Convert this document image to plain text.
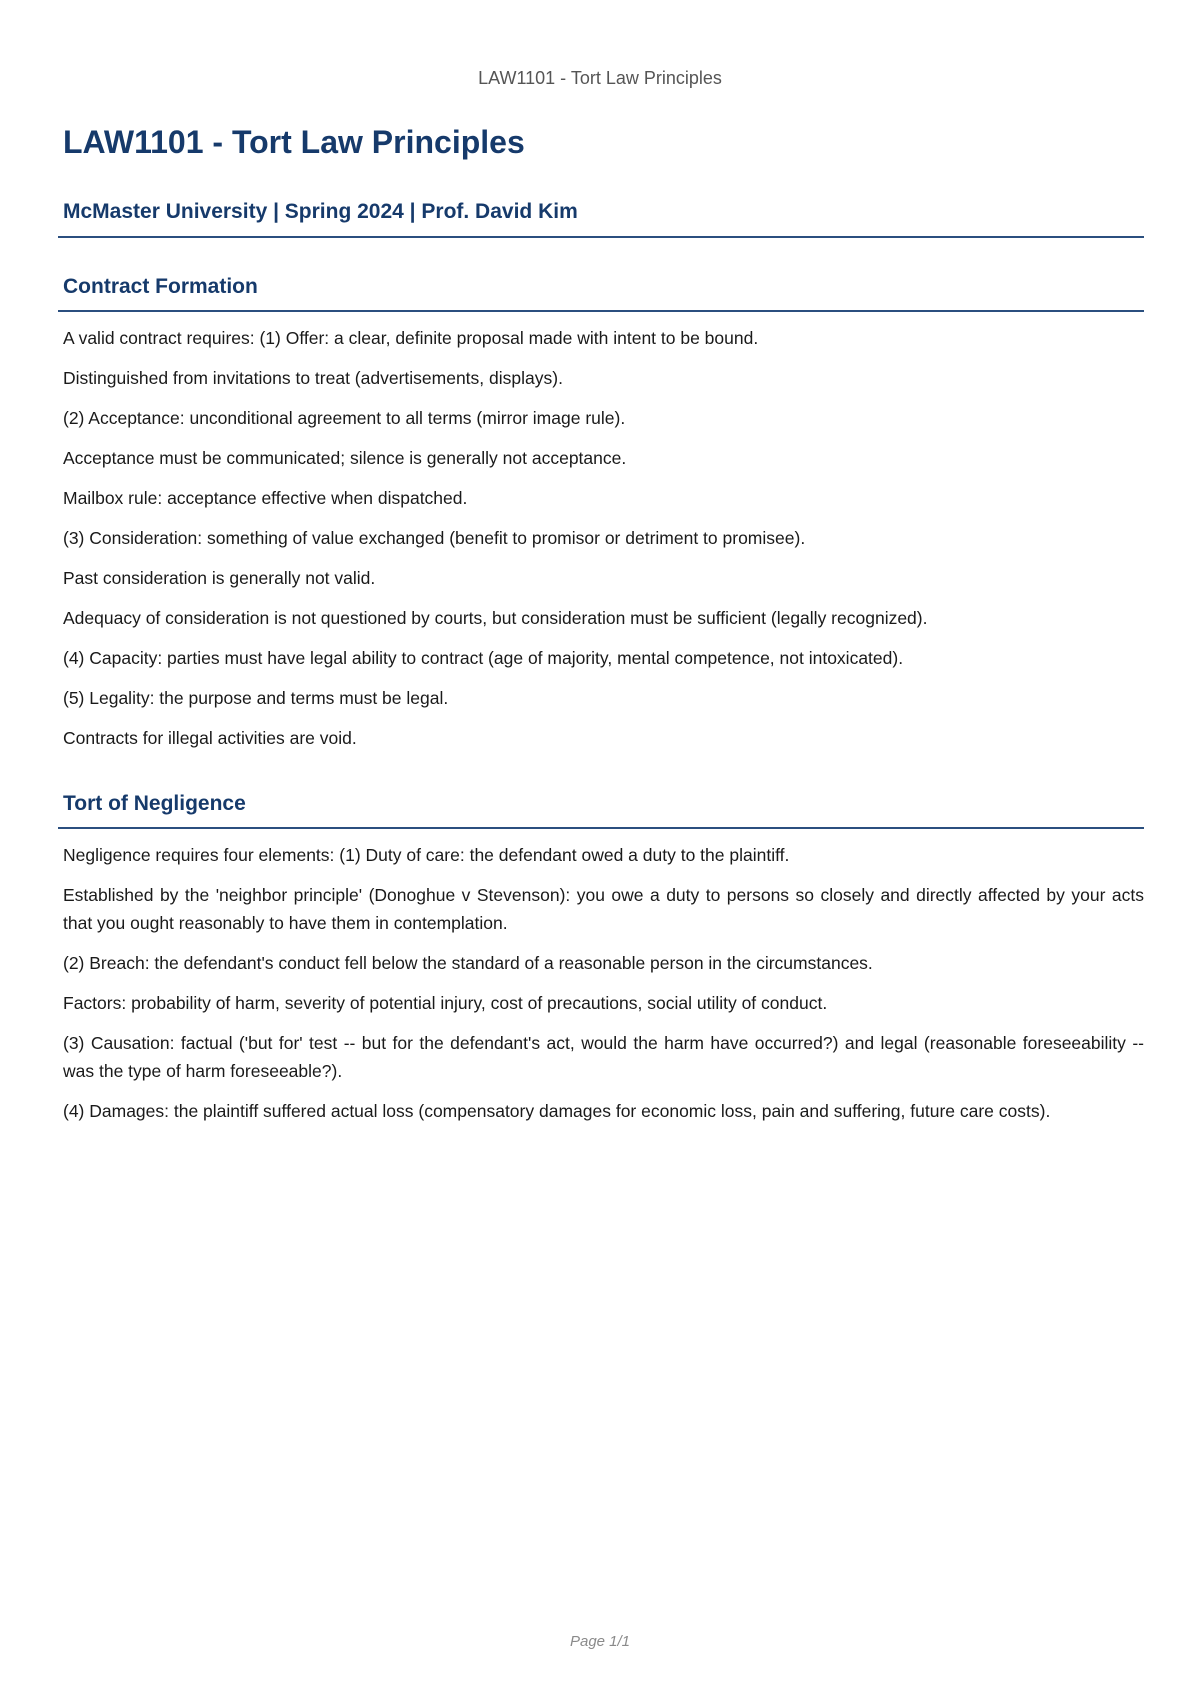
LAW1101 - Tort Law Principles
LAW1101 - Tort Law Principles
McMaster University | Spring 2024 | Prof. David Kim
Contract Formation

A valid contract requires: (1) Offer: a clear, definite proposal made with intent to be bound.

Distinguished from invitations to treat (advertisements, displays).

(2) Acceptance: unconditional agreement to all terms (mirror image rule).

Acceptance must be communicated; silence is generally not acceptance.

Mailbox rule: acceptance effective when dispatched.

(3) Consideration: something of value exchanged (benefit to promisor or detriment to promisee).

Past consideration is generally not valid.

Adequacy of consideration is not questioned by courts, but consideration must be sufficient (legally recognized).

(4) Capacity: parties must have legal ability to contract (age of majority, mental competence, not intoxicated).

(5) Legality: the purpose and terms must be legal.

Contracts for illegal activities are void.

Tort of Negligence

Negligence requires four elements: (1) Duty of care: the defendant owed a duty to the plaintiff.

Established by the 'neighbor principle' (Donoghue v Stevenson): you owe a duty to persons so closely and directly affected by your acts that you ought reasonably to have them in contemplation.

(2) Breach: the defendant's conduct fell below the standard of a reasonable person in the circumstances.

Factors: probability of harm, severity of potential injury, cost of precautions, social utility of conduct.

(3) Causation: factual ('but for' test -- but for the defendant's act, would the harm have occurred?) and legal (reasonable foreseeability -- was the type of harm foreseeable?).

(4) Damages: the plaintiff suffered actual loss (compensatory damages for economic loss, pain and suffering, future care costs).

Page 1/1
